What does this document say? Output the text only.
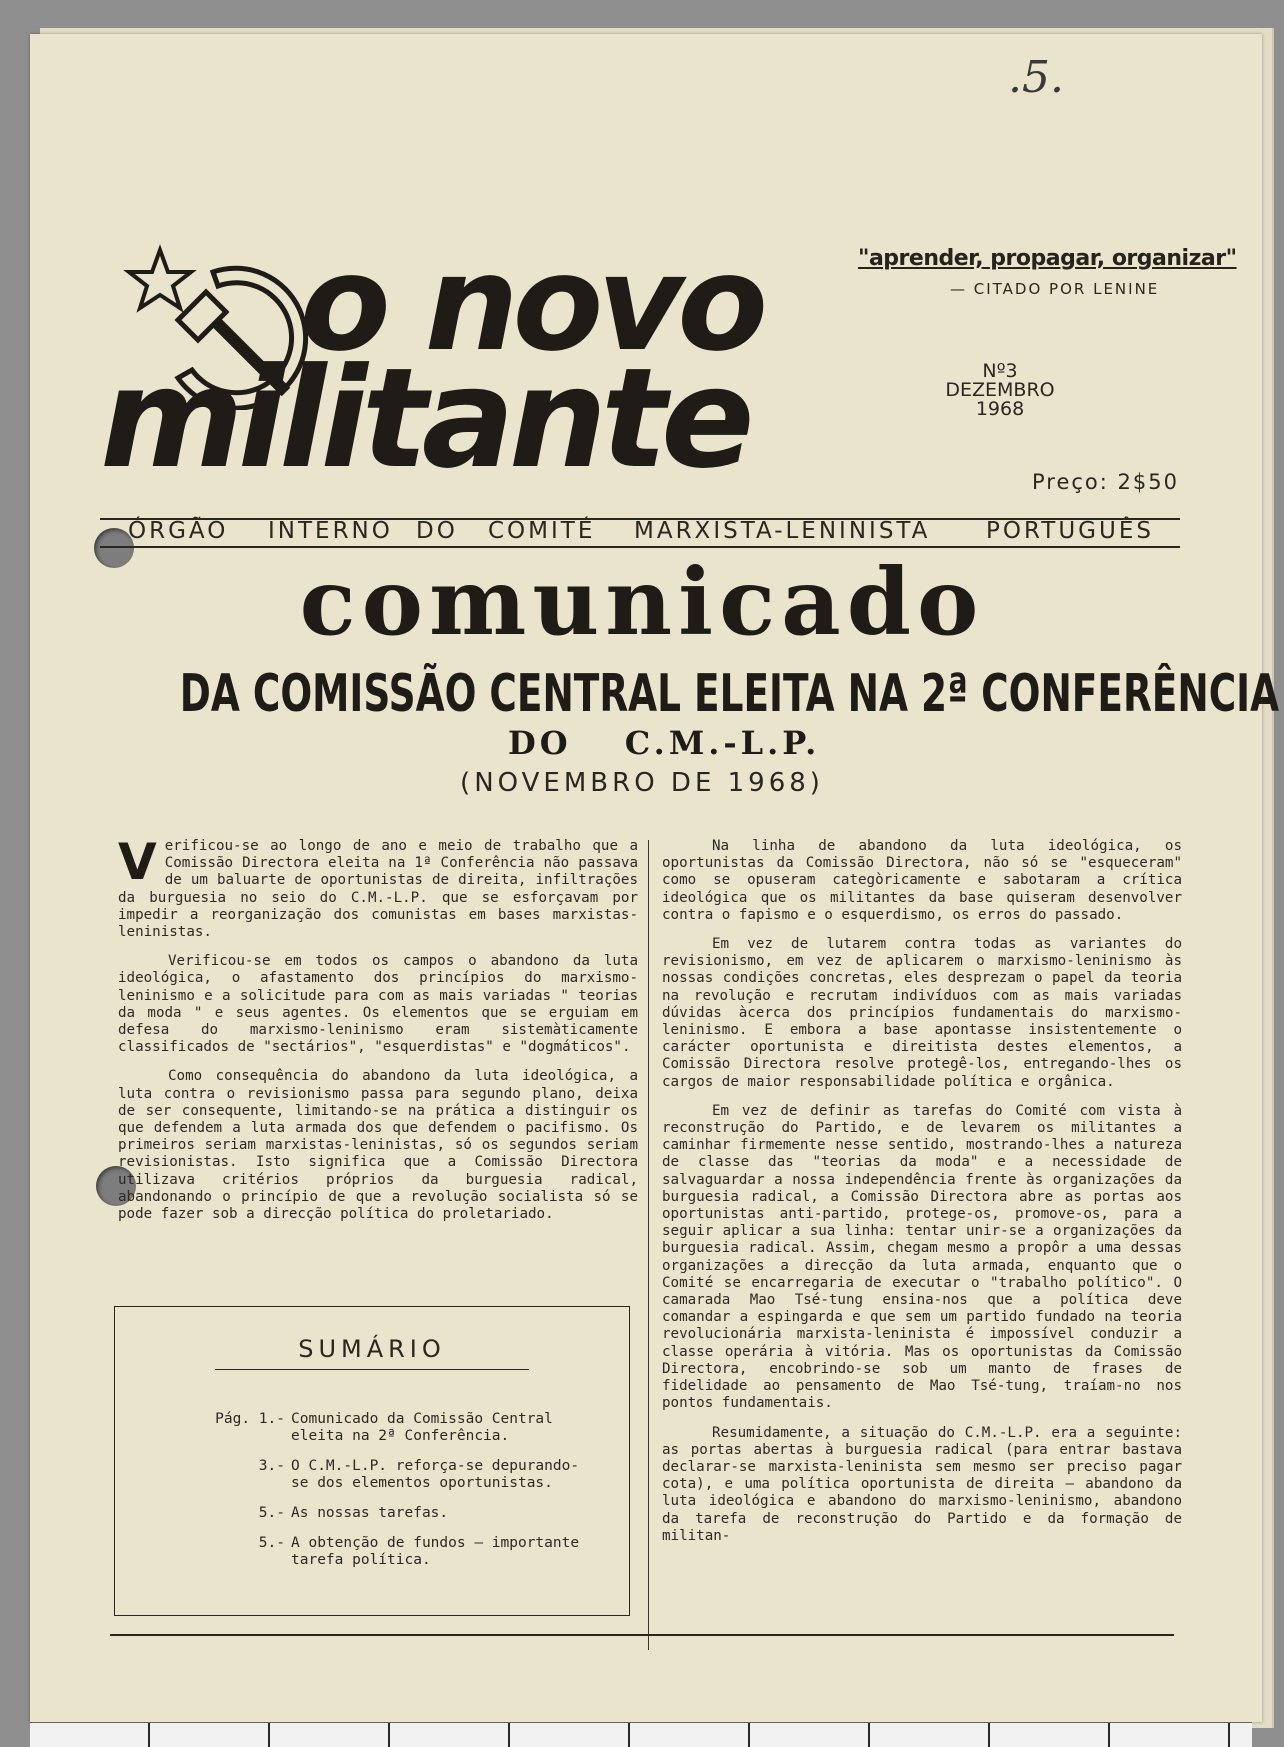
.5.
o novo
militante
"aprender, propagar, organizar"
— CITADO POR LENINE
Nº3
DEZEMBRO
1968
Preço: 2$50
ÓRGÃO INTERNO DO COMITÉ MARXISTA-LENINISTA PORTUGUÊS
comunicado
DA COMISSÃO CENTRAL ELEITA NA 2ª CONFERÊNCIA
DO C.M.-L.P.
(NOVEMBRO DE 1968)

Verificou-se ao longo de ano e meio de trabalho que a Comissão Directora eleita na 1ª Conferência não passava de um baluarte de oportunistas de direita, infiltrações da burguesia no seio do C.M.-L.P. que se esforçavam por impedir a reorganização dos comunistas em bases marxistas-leninistas.

Verificou-se em todos os campos o abandono da luta ideológica, o afastamento dos princípios do marxismo-leninismo e a solicitude para com as mais variadas " teorias da moda " e seus agentes. Os elementos que se erguiam em defesa do marxismo-leninismo eram sistemàticamente classificados de "sectários", "esquerdistas" e "dogmáticos".

Como consequência do abandono da luta ideológica, a luta contra o revisionismo passa para segundo plano, deixa de ser consequente, limitando-se na prática a distinguir os que defendem a luta armada dos que defendem o pacifismo. Os primeiros seriam marxistas-leninistas, só os segundos seriam revisionistas. Isto significa que a Comissão Directora utilizava critérios próprios da burguesia radical, abandonando o princípio de que a revolução socialista só se pode fazer sob a direcção política do proletariado.

Na linha de abandono da luta ideológica, os oportunistas da Comissão Directora, não só se "esqueceram" como se opuseram categòricamente e sabotaram a crítica ideológica que os militantes da base quiseram desenvolver contra o fapismo e o esquerdismo, os erros do passado.

Em vez de lutarem contra todas as variantes do revisionismo, em vez de aplicarem o marxismo-leninismo às nossas condições concretas, eles desprezam o papel da teoria na revolução e recrutam indivíduos com as mais variadas dúvidas àcerca dos princípios fundamentais do marxismo-leninismo. E embora a base apontasse insistentemente o carácter oportunista e direitista destes elementos, a Comissão Directora resolve protegê-los, entregando-lhes os cargos de maior responsabilidade política e orgânica.

Em vez de definir as tarefas do Comité com vista à reconstrução do Partido, e de levarem os militantes a caminhar firmemente nesse sentido, mostrando-lhes a natureza de classe das "teorias da moda" e a necessidade de salvaguardar a nossa independência frente às organizações da burguesia radical, a Comissão Directora abre as portas aos oportunistas anti-partido, protege-os, promove-os, para a seguir aplicar a sua linha: tentar unir-se a organizações da burguesia radical. Assim, chegam mesmo a propôr a uma dessas organizações a direcção da luta armada, enquanto que o Comité se encarregaria de executar o "trabalho político". O camarada Mao Tsé-tung ensina-nos que a política deve comandar a espingarda e que sem um partido fundado na teoria revolucionária marxista-leninista é impossível conduzir a classe operária à vitória. Mas os oportunistas da Comissão Directora, encobrindo-se sob um manto de frases de fidelidade ao pensamento de Mao Tsé-tung, traíam-no nos pontos fundamentais.

Resumidamente, a situação do C.M.-L.P. era a seguinte: as portas abertas à burguesia radical (para entrar bastava declarar-se marxista-leninista sem mesmo ser preciso pagar cota), e uma política oportunista de direita — abandono da luta ideológica e abandono do marxismo-leninismo, abandono da tarefa de reconstrução do Partido e da formação de militan-

SUMÁRIO
Pág. 1.- Comunicado da Comissão Central eleita na 2ª Conferência.
3.- O C.M.-L.P. reforça-se depurando-se dos elementos oportunistas.
5.- As nossas tarefas.
5.- A obtenção de fundos — importante tarefa política.
